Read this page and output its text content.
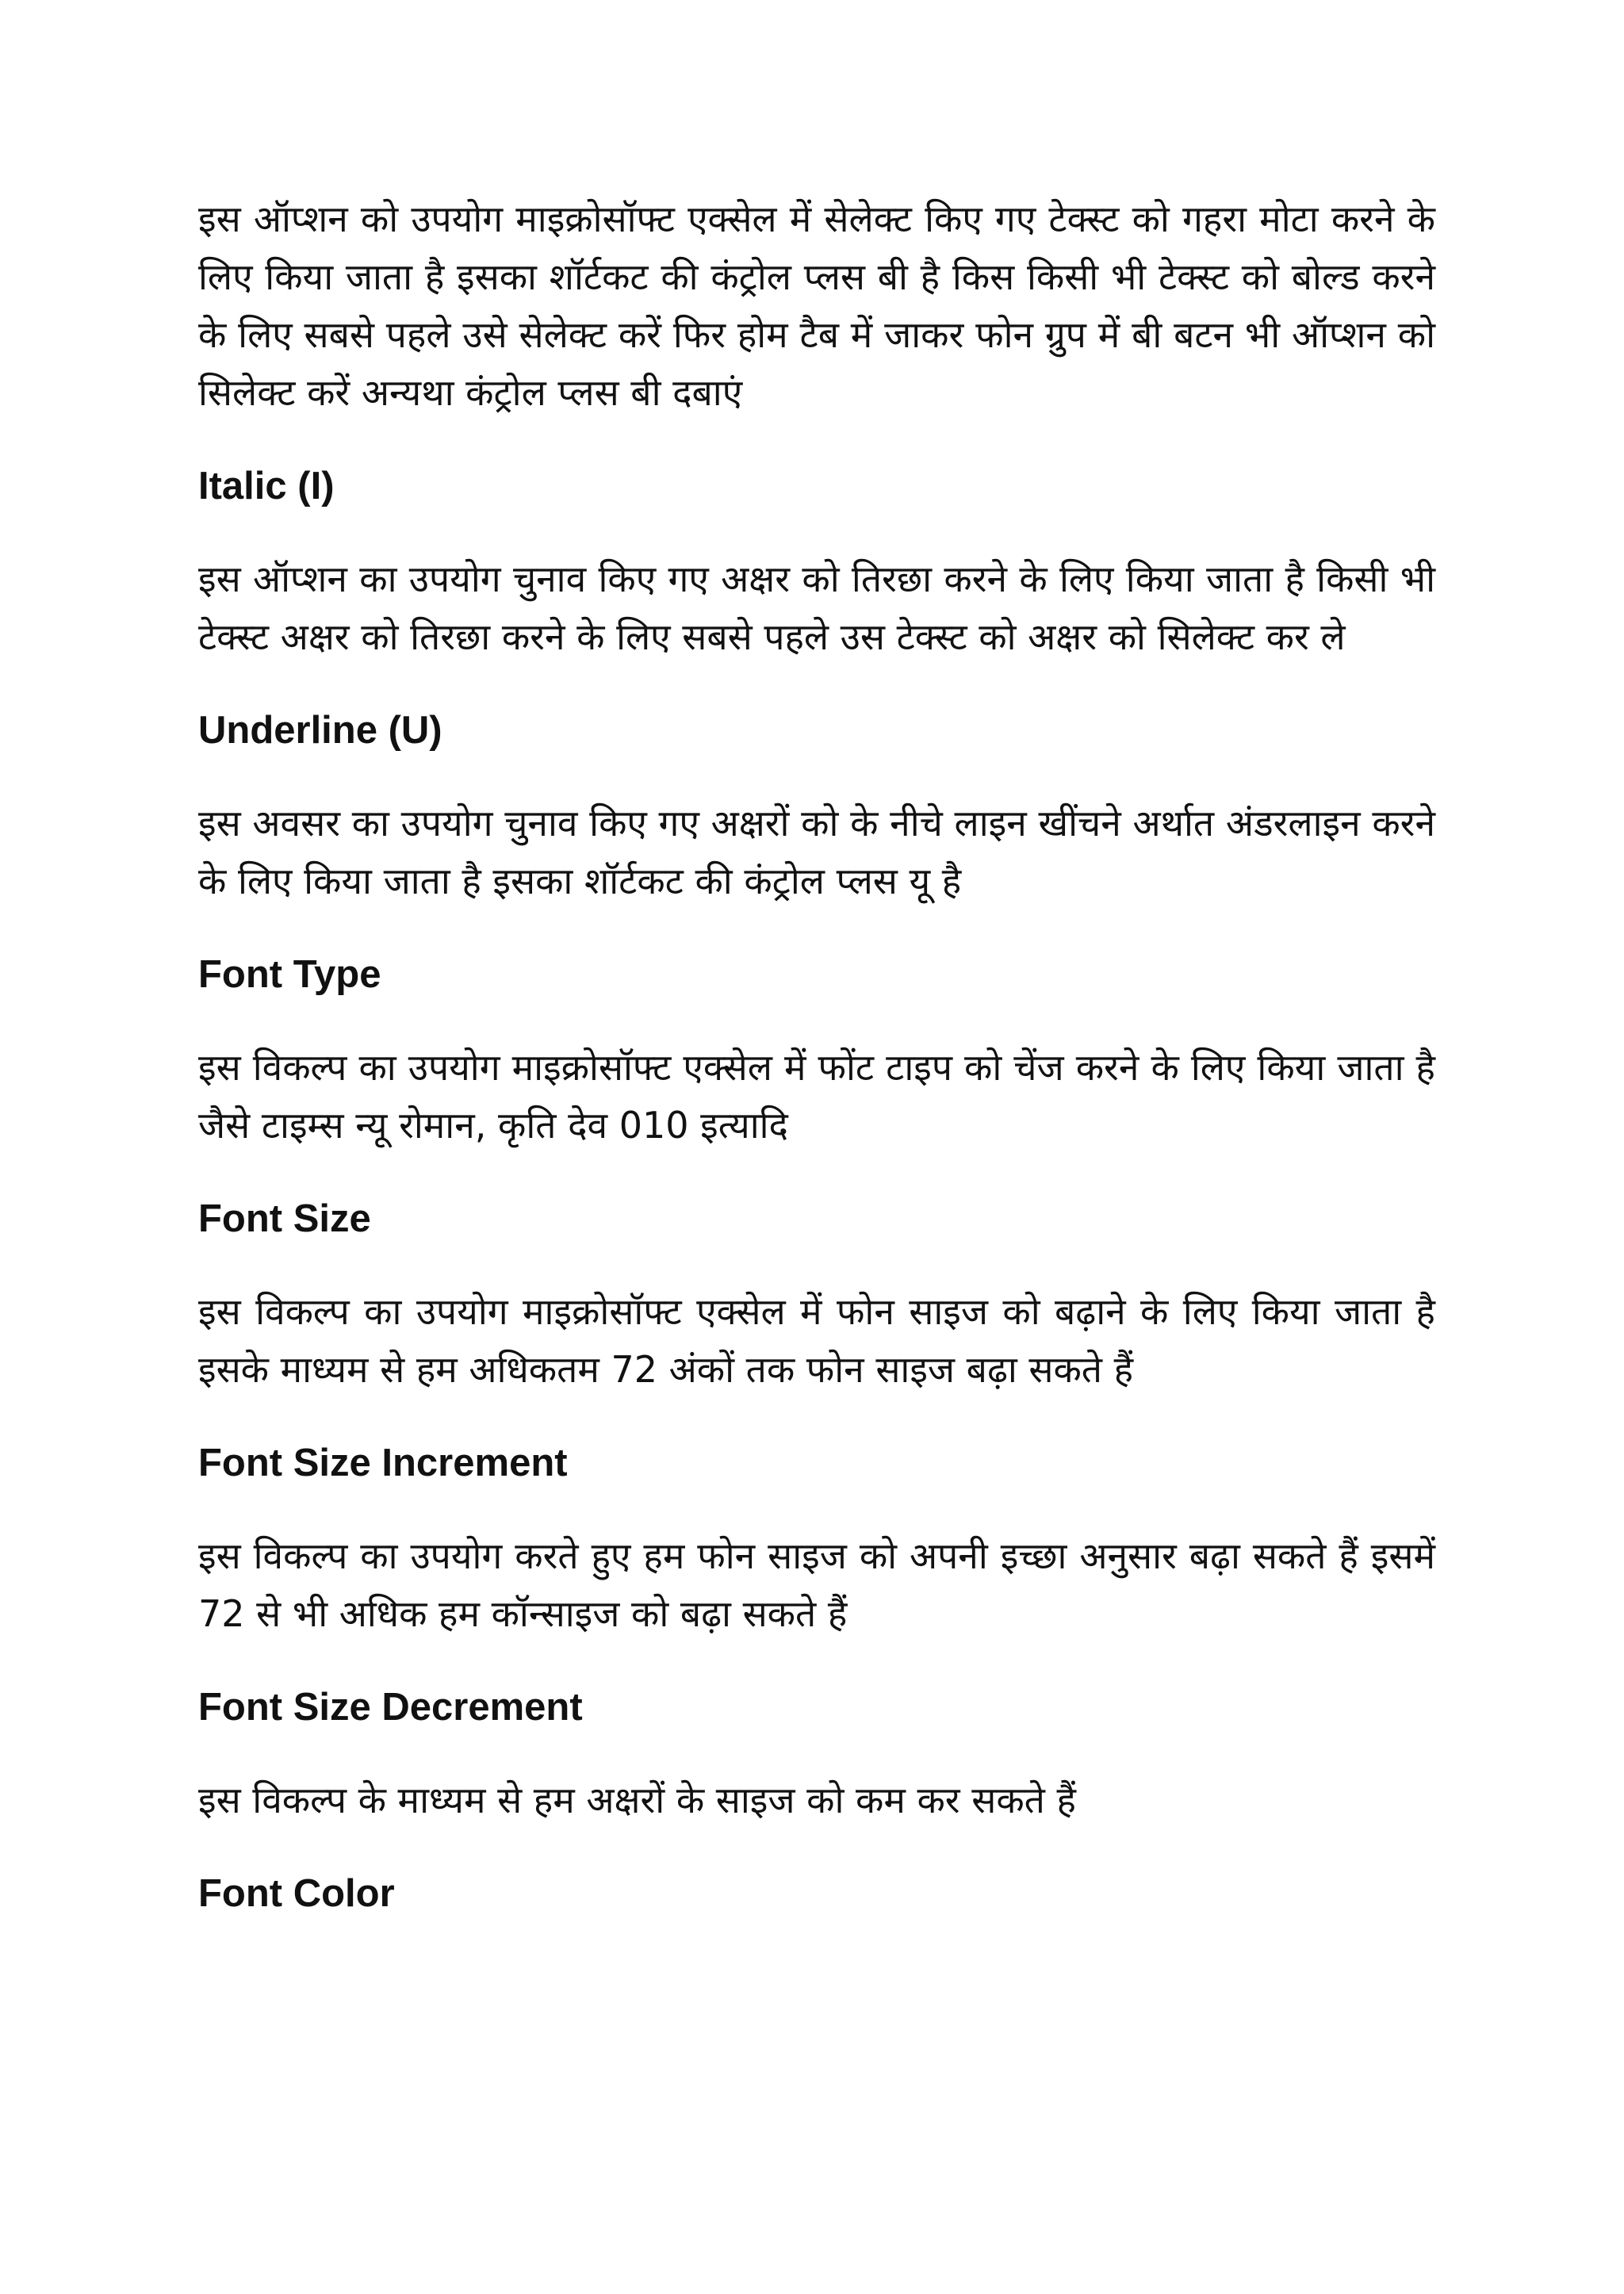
इस ऑप्शन को उपयोग माइक्रोसॉफ्ट एक्सेल में सेलेक्ट किए गए टेक्स्ट को गहरा मोटा करने के लिए किया जाता है इसका शॉर्टकट की कंट्रोल प्लस बी है किस किसी भी टेक्स्ट को बोल्ड करने के लिए सबसे पहले उसे सेलेक्ट करें फिर होम टैब में जाकर फोन ग्रुप में बी बटन भी ऑप्शन को सिलेक्ट करें अन्यथा कंट्रोल प्लस बी दबाएं

Italic (I)

इस ऑप्शन का उपयोग चुनाव किए गए अक्षर को तिरछा करने के लिए किया जाता है किसी भी टेक्स्ट अक्षर को तिरछा करने के लिए सबसे पहले उस टेक्स्ट को अक्षर को सिलेक्ट कर ले

Underline (U)

इस अवसर का उपयोग चुनाव किए गए अक्षरों को के नीचे लाइन खींचने अर्थात अंडरलाइन करने के लिए किया जाता है इसका शॉर्टकट की कंट्रोल प्लस यू है

Font Type

इस विकल्प का उपयोग माइक्रोसॉफ्ट एक्सेल में फोंट टाइप को चेंज करने के लिए किया जाता है जैसे टाइम्स न्यू रोमान, कृति देव 010 इत्यादि

Font Size

इस विकल्प का उपयोग माइक्रोसॉफ्ट एक्सेल में फोन साइज को बढ़ाने के लिए किया जाता है इसके माध्यम से हम अधिकतम 72 अंकों तक फोन साइज बढ़ा सकते हैं

Font Size Increment

इस विकल्प का उपयोग करते हुए हम फोन साइज को अपनी इच्छा अनुसार बढ़ा सकते हैं इसमें 72 से भी अधिक हम कॉन्साइज को बढ़ा सकते हैं

Font Size Decrement

इस विकल्प के माध्यम से हम अक्षरों के साइज को कम कर सकते हैं

Font Color
